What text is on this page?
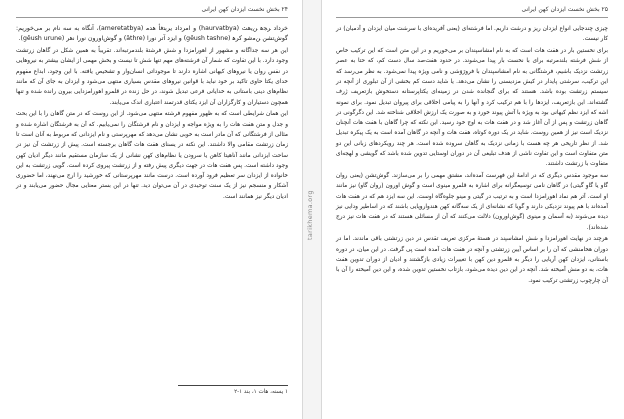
۲۴ بخش نخست ایزدان کهن ایرانی

خرداد ﺮﺠﻫ ﻦﻳﻫﺚ (haurvatbya) و امرداد ﻳﺮﺑﺘﻓﺄ ﻫﺪﻣ (ameretatbya)، آنگاه به سه نام بر می‌خوریم: گوش‌تشن ﻦﻣﺷﻮ ﻛﺮﻫ (gēush tashne) و ایزد آتر ﻧﻭﺭﺍ (āthre) و گوش‌اورون ﻧﻭﺭﺍ ﻧﻫﺮ (gēush urune).

این هر سه جداگانه و مشهور از اهورامزدا و شش فرشتهٔ بلندمرتبه‌اند. تقریباً به همین شکل در گاهان زرتشت وجود دارد. با این تفاوت که شمار آن فرشته‌های مهم تنها شش تا نیست و بخش مهمی از ایشان بیشتر به نیروهایی در نفس روان یا نیروهای کیهانی اشاره دارند تا موجوداتی انسان‌وار و تشخیص یافته. با این وجود، ابداع مفهوم خدای یکتا حاوی تاکید بر خود نباید با قوانین نیروهای مقدس بسیاری منتهی می‌شود و ایزدان به جای آن که مانند نظام‌های دینی باستانی به خدایانی فرعی تبدیل شوند، در حل زنده در قلمرو اهورامزدایی بیرون رانده شده و تنها همچون دستیاران و کارگزاران آن ایزد یکتای قدرتمند اعتباری اندک می‌یابند.

این همان شرایطی است که به ظهور مفهوم فرشته منتهی می‌شود. از این روست که در متن گاهان را با این بحث و جدل و متن هفت هات را به ویژه مواجه و ایزدان و نام فرشتگان را نمی‌یابیم. که آن به فرشتگان اشاره شده و مثالی از فرشتگانی که آن مادر است به خوبی نشان می‌دهد که مهرپرستی و نام ایزدانی که مربوط به آنان است تا زمان زرتشت مقامی والا داشتند. این نکته در یسنای هفت هات گاهان برجسته است. پیش از زرتشت آن نیز در ساحت ایزدانی مانند آناهیتا کاهن یا سرودن یا نظام‌های کهن نشانی از یک سازمان مستقیم مانند دیگر ادیان کهن وجود داشته است. پس هفت هات در جهت دیگری پیش رفته و از زرتشت پیروی کرده است. گویی زرتشت به این خانواده از ایزدان سر تعظیم فرود آورده است. درست مانند مهرپرستانی که خورشید را ارج می‌نهند، اما حضوری آشکار و منسجم نیز از یک سنت توحیدی در آن می‌توان دید. تنها در این بستر معنایی مجال حضور می‌یابند و در ادیان دیگر نیز همانند است.

۱ یسنه، هات ۱، بند ۱-۲
tarikhema.org
۲۵ بخش نخست ایزدان کهن ایرانی

چیزی چندجایی انواع ایزدان ریز و درشت داریم. اما فرشته‌ای (یعنی آفریده‌ای با سرشت میان ایزدان و آدمیان) در کار نیست.

برای نخستین بار در هفت هات است که به نام امشاسپندان بر می‌خوریم و در این متن است که این ترکیب خاص از شش فرشته بلندمرتبه برای با نخست بار پیدا می‌شوند. در حدود هفت‌صد سال دست کم، که حتا به عصر زرتشت نزدیک باشیم، فرشتگانی به نام امشاسپندان با فرورَوَشی و نامی ویژه پیدا نمی‌شود. به نظر می‌رسد که این ترکیب، سرشتی پایدار در کیش مزدیسنی را نشان می‌دهد. یا شاید دست کم بخشی از آن تبلوری از آنچه در سیستم زرتشت بوده باشد. هستند که برای گنجانده شدن در زمینه‌ای یکتاپرستانه دستخوش بازتعریف ژرف گشته‌اند. این بازتعریف، ایزدها را با هم ترکیب کرد و آنها را به پیامی اخلاقی برای پیروان تبدیل نمود. برای نمونه اشه که ایزد نظم کیهانی بود به ویژه با آتش پیوند خورد و به صورت یک ارزش اخلاقی شناخته شد. این دگرگونی در گاهان زرتشت و پس از آن آغاز شد و در هفت هات به اوج خود رسید. این نکته که چرا گاهان با هفت هات آنچنان نزدیک است نیز از همین روست. شاید در یک دوره کوتاه، هفت هات و آنچه در گاهان آمده است به یک پیکره تبدیل شد. از نظر تاریخی هر چه هست با زمانی نزدیک به گاهان سروده شده است. هر چند رویکردهای زبانی این دو متن متفاوت است و این تفاوت ناشی از هدف تبلیغی آن در دوران اوستایی تدوین شده باشد که گویشی و لهجه‌ای متفاوت با زرتشت داشتند.

سه موجود مقدس دیگری که در ادامهٔ این فهرست آمده‌اند، مشتق مهمی را بر می‌سازند. گوش‌تشن (یعنی روان گاو یا گاوِ گیتی) در گاهان نامی توسیعگرانه برای اشاره به قلمرو مینوی است و گوش اورون (روان گاو) نیز مانند او است. آتر هم نماد اهورامزدا است و به ترتیب در گیتی و مینو جلوه‌گاه اوست. این سه ایزد هم که در هفت هات آمده‌اند با هم پیوند نزدیکی دارند و گویا که نشانه‌ای از یک سه‌گانه کهن هندواروپایی باشند که در اساطیر ودایی نیز دیده می‌شوند (به آسمان و مینوی (گوش‌اورون) دلالت می‌کنند که آن از مسائلی هستند که در هفت هات نیز درج شده‌اند).

هرچند در نهایت اهورامزدا و شش امشاسپند در هستهٔ مرکزی تعریف تقدس در دین زرتشتی باقی ماندند. اما در دوران هخامنشی که آن را بر اساس آیین زرتشتی و آنچه در هفت هات آمده است پی گرفت. در این میان، در دوره باستانی، ایزدان کهن آریایی را دیگر به قلمرو دین کهن با تغییرات زیادی بازگشتند و ادیان از دوران تدوین هفت هات، به دو منش آمیخته شد. آنچه در این دین دیده می‌شود، بازتاب نخستین تدوین شده، و این دین آمیخته را آن با آن چارچوب زرتشتی ترکیب نمود.
